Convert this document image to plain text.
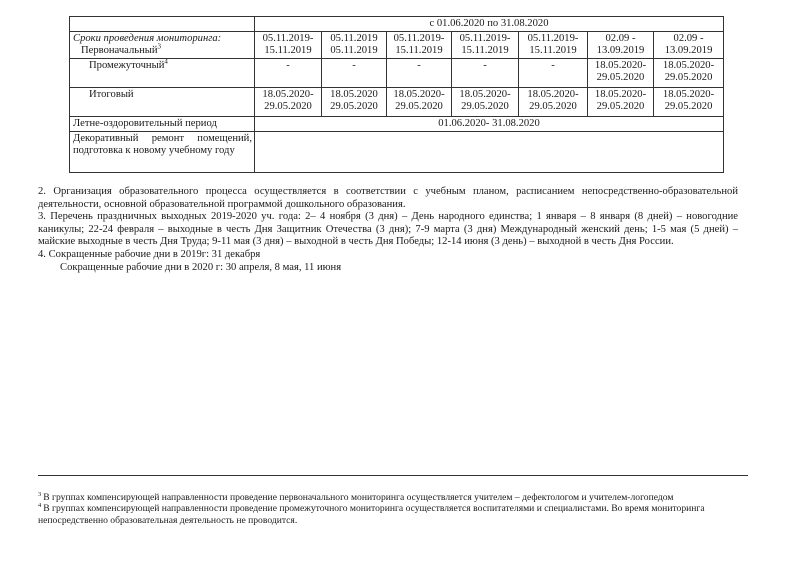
	с 01.06.2020 по 31.08.2020						

Сроки проведения мониторинга:
Первоначальный$^3$	05.11.2019-15.11.2019	05.11.2019 05.11.2019	05.11.2019-15.11.2019	05.11.2019-15.11.2019	05.11.2019-15.11.2019	02.09 - 13.09.2019	02.09 - 13.09.2019

Промежуточный$^4$	-	-	-	-	-	18.05.2020-29.05.2020	18.05.2020-29.05.2020

Итоговый	18.05.2020-29.05.2020	18.05.2020 29.05.2020	18.05.2020-29.05.2020	18.05.2020-29.05.2020	18.05.2020-29.05.2020	18.05.2020-29.05.2020	18.05.2020-29.05.2020
Летне-оздоровительный период	01.06.2020- 31.08.2020						
Декоративный ремонт помещений, подготовка к новому учебному году							

2. Организация образовательного процесса осуществляется в соответствии с учебным планом, расписанием непосредственно-образовательной деятельности, основной образовательной программой дошкольного образования.

3. Перечень праздничных выходных 2019-2020 уч. года: 2– 4 ноября (3 дня) – День народного единства; 1 января – 8 января (8 дней) – новогодние каникулы; 22-24 февраля – выходные в честь Дня Защитник Отечества (3 дня); 7-9 марта (3 дня) Международный женский день; 1-5 мая (5 дней) – майские выходные в честь Дня Труда; 9-11 мая (3 дня) – выходной в честь Дня Победы; 12-14 июня (3 день) – выходной в честь Дня России.

4. Сокращенные рабочие дни в 2019г: 31 декабря

Сокращенные рабочие дни в 2020 г: 30 апреля, 8 мая, 11 июня

$^3$ В группах компенсирующей направленности проведение первоначального мониторинга осуществляется учителем – дефектологом и учителем-логопедом

$^4$ В группах компенсирующей направленности проведение промежуточного мониторинга осуществляется воспитателями и специалистами. Во время мониторинга непосредственно образовательная деятельность не проводится.
